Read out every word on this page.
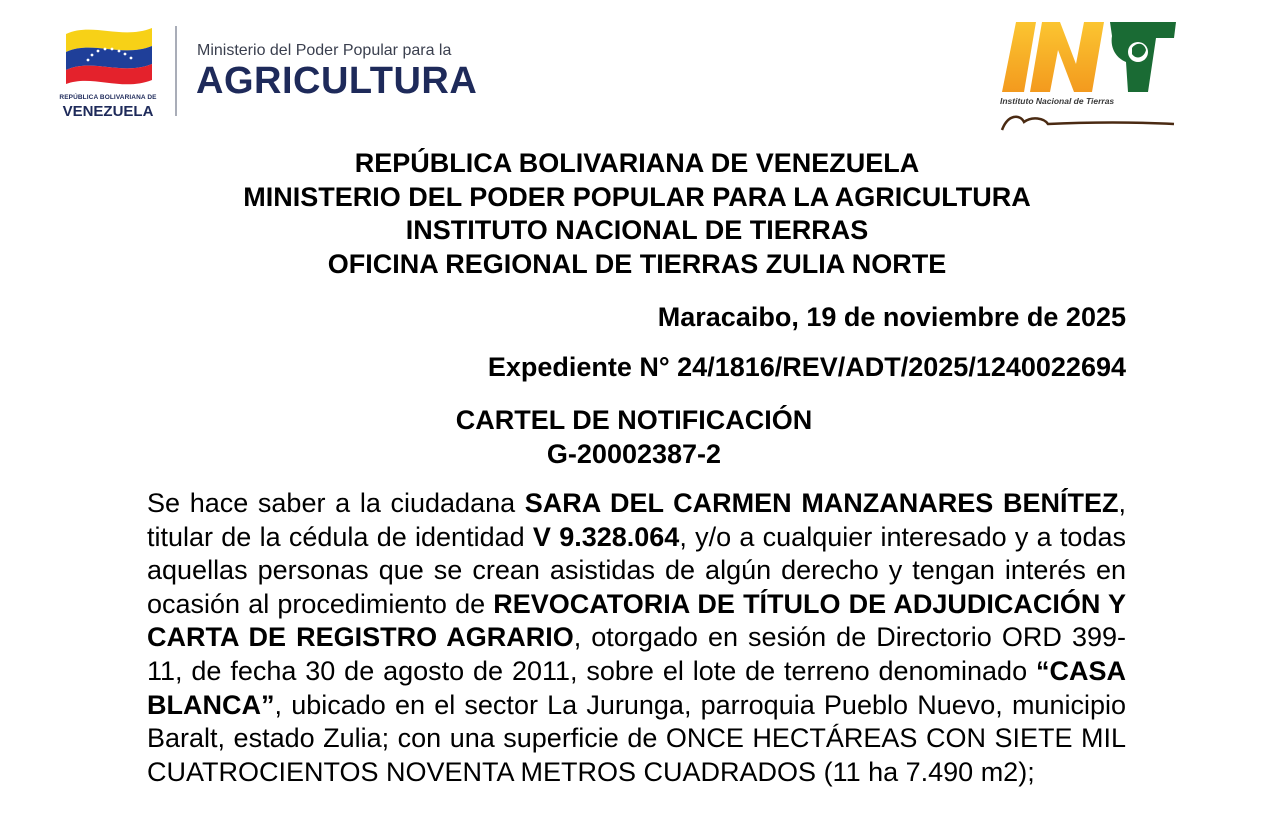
REPÚBLICA BOLIVARIANA DE
VENEZUELA
Ministerio del Poder Popular para la
AGRICULTURA	Instituto Nacional de Tierras
REPÚBLICA BOLIVARIANA DE VENEZUELA
MINISTERIO DEL PODER POPULAR PARA LA AGRICULTURA
INSTITUTO NACIONAL DE TIERRAS
OFICINA REGIONAL DE TIERRAS ZULIA NORTE
Maracaibo, 19 de noviembre de 2025
Expediente N° 24/1816/REV/ADT/2025/1240022694
CARTEL DE NOTIFICACIÓN
G-20002387-2
Se hace saber a la ciudadana SARA DEL CARMEN MANZANARES BENÍTEZ, titular de la cédula de identidad V 9.328.064, y/o a cualquier interesado y a todas aquellas personas que se crean asistidas de algún derecho y tengan interés en ocasión al procedimiento de REVOCATORIA DE TÍTULO DE ADJUDICACIÓN Y CARTA DE REGISTRO AGRARIO, otorgado en sesión de Directorio ORD 399-11, de fecha 30 de agosto de 2011, sobre el lote de terreno denominado “CASA BLANCA”, ubicado en el sector La Jurunga, parroquia Pueblo Nuevo, municipio Baralt, estado Zulia; con una superficie de ONCE HECTÁREAS CON SIETE MIL CUATROCIENTOS NOVENTA METROS CUADRADOS (11 ha 7.490 m2);
